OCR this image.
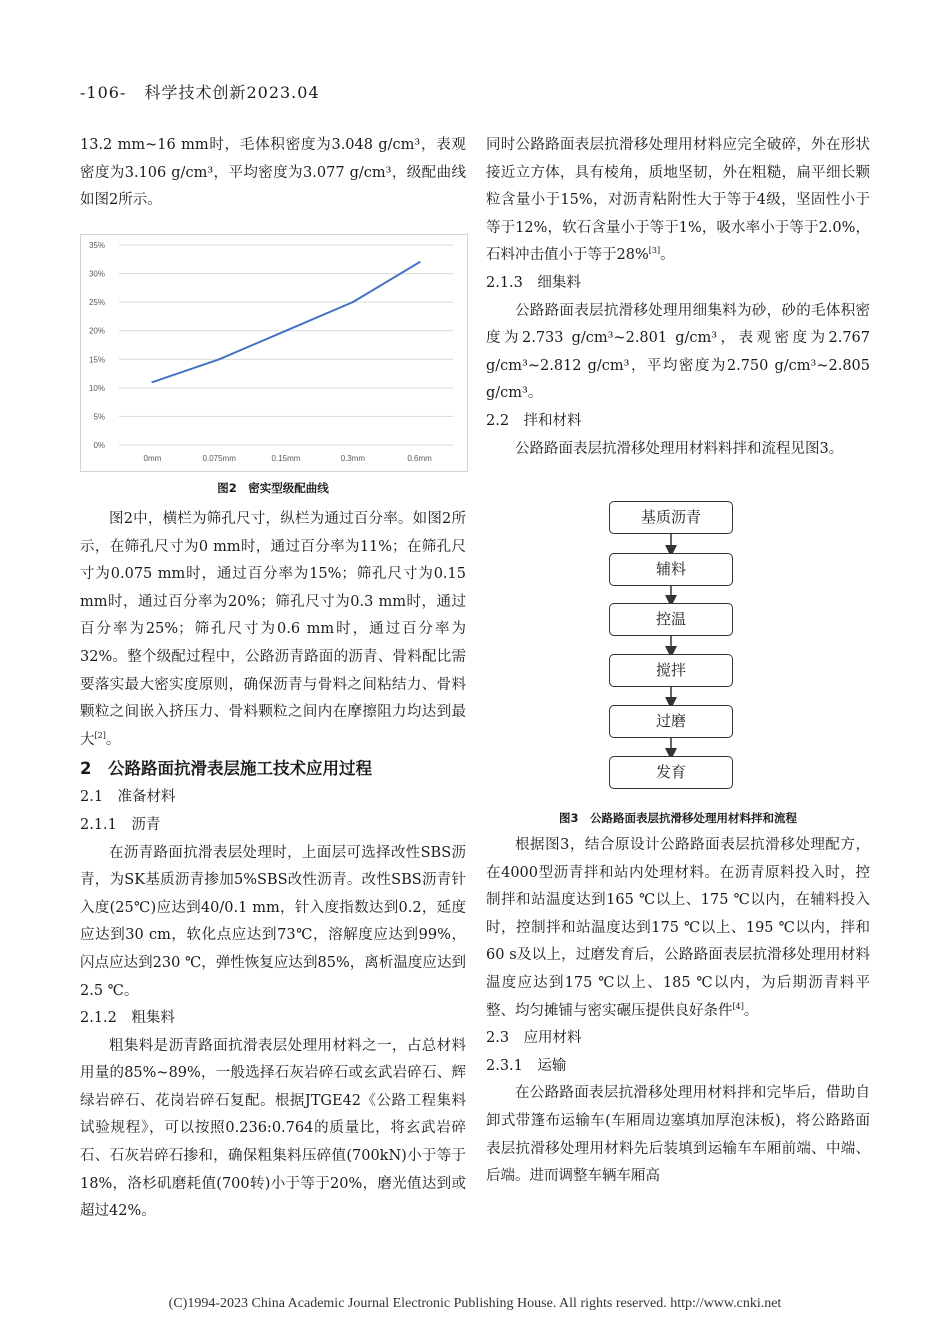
-106- 科学技术创新2023.04

13.2 mm~16 mm时，毛体积密度为3.048 g/cm³，表观密度为3.106 g/cm³，平均密度为3.077 g/cm³，级配曲线如图2所示。

0%
5%
10%
15%
20%
25%
30%
35%
0mm	0.075mm	0.15mm	0.3mm	0.6mm
图2　密实型级配曲线

图2中，横栏为筛孔尺寸，纵栏为通过百分率。如图2所示，在筛孔尺寸为0 mm时，通过百分率为11%；在筛孔尺寸为0.075 mm时，通过百分率为15%；筛孔尺寸为0.15 mm时，通过百分率为20%；筛孔尺寸为0.3 mm时，通过百分率为25%；筛孔尺寸为0.6 mm时，通过百分率为32%。整个级配过程中，公路沥青路面的沥青、骨料配比需要落实最大密实度原则，确保沥青与骨料之间粘结力、骨料颗粒之间嵌入挤压力、骨料颗粒之间内在摩擦阻力均达到最大[2]。

2　公路路面抗滑表层施工技术应用过程
2.1　准备材料
2.1.1　沥青

在沥青路面抗滑表层处理时，上面层可选择改性SBS沥青，为SK基质沥青掺加5%SBS改性沥青。改性SBS沥青针入度(25℃)应达到40/0.1 mm，针入度指数达到0.2，延度应达到30 cm，软化点应达到73℃，溶解度应达到99%，闪点应达到230 ℃，弹性恢复应达到85%，离析温度应达到2.5 ℃。

2.1.2　粗集料

粗集料是沥青路面抗滑表层处理用材料之一，占总材料用量的85%~89%，一般选择石灰岩碎石或玄武岩碎石、辉绿岩碎石、花岗岩碎石复配。根据JTGE42《公路工程集料试验规程》，可以按照0.236:0.764的质量比，将玄武岩碎石、石灰岩碎石掺和，确保粗集料压碎值(700kN)小于等于18%，洛杉矶磨耗值(700转)小于等于20%，磨光值达到或超过42%。

同时公路路面表层抗滑移处理用材料应完全破碎，外在形状接近立方体，具有棱角，质地坚韧，外在粗糙，扁平细长颗粒含量小于15%，对沥青粘附性大于等于4级，坚固性小于等于12%，软石含量小于等于1%，吸水率小于等于2.0%，石料冲击值小于等于28%[3]。

2.1.3　细集料

公路路面表层抗滑移处理用细集料为砂，砂的毛体积密度为2.733 g/cm³~2.801 g/cm³，表观密度为2.767 g/cm³~2.812 g/cm³，平均密度为2.750 g/cm³~2.805 g/cm³。

2.2　拌和材料

公路路面表层抗滑移处理用材料料拌和流程见图3。

基质沥青
辅料
控温
搅拌
过磨
发育
图3　公路路面表层抗滑移处理用材料拌和流程

根据图3，结合原设计公路路面表层抗滑移处理配方，在4000型沥青拌和站内处理材料。在沥青原料投入时，控制拌和站温度达到165 ℃以上、175 ℃以内，在辅料投入时，控制拌和站温度达到175 ℃以上、195 ℃以内，拌和60 s及以上，过磨发育后，公路路面表层抗滑移处理用材料温度应达到175 ℃以上、185 ℃以内，为后期沥青料平整、均匀摊铺与密实碾压提供良好条件[4]。

2.3　应用材料
2.3.1　运输

在公路路面表层抗滑移处理用材料拌和完毕后，借助自卸式带篷布运输车(车厢周边塞填加厚泡沫板)，将公路路面表层抗滑移处理用材料先后装填到运输车车厢前端、中端、后端。进而调整车辆车厢高

(C)1994-2023 China Academic Journal Electronic Publishing House. All rights reserved. http://www.cnki.net
